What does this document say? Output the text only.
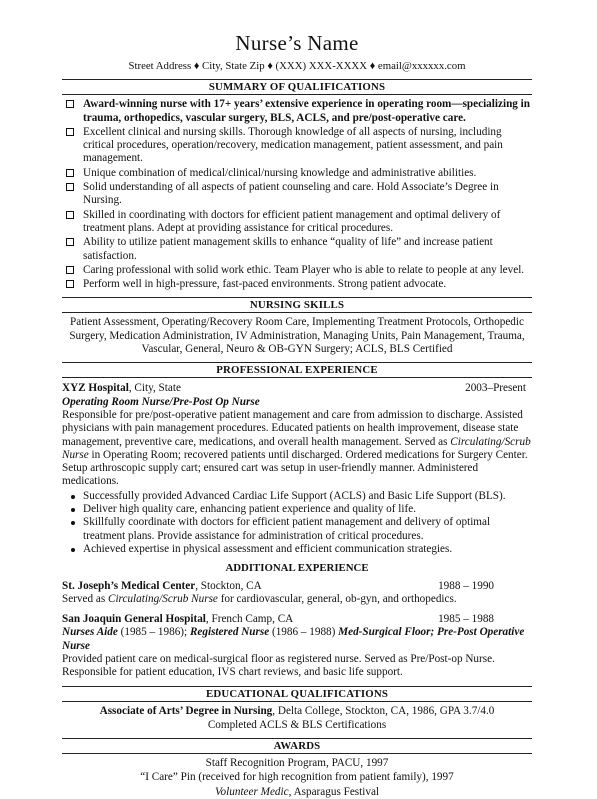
Nurse’s Name
Street Address ♦ City, State Zip ♦ (XXX) XXX-XXXX ♦ email@xxxxxx.com
SUMMARY OF QUALIFICATIONS
Award-winning nurse with 17+ years’ extensive experience in operating room—specializing in trauma, orthopedics, vascular surgery, BLS, ACLS, and pre/post-operative care.
Excellent clinical and nursing skills. Thorough knowledge of all aspects of nursing, including critical procedures, operation/recovery, medication management, patient assessment, and pain management.
Unique combination of medical/clinical/nursing knowledge and administrative abilities.
Solid understanding of all aspects of patient counseling and care. Hold Associate’s Degree in Nursing.
Skilled in coordinating with doctors for efficient patient management and optimal delivery of treatment plans. Adept at providing assistance for critical procedures.
Ability to utilize patient management skills to enhance “quality of life” and increase patient satisfaction.
Caring professional with solid work ethic. Team Player who is able to relate to people at any level.
Perform well in high-pressure, fast-paced environments. Strong patient advocate.
NURSING SKILLS
Patient Assessment, Operating/Recovery Room Care, Implementing Treatment Protocols, Orthopedic Surgery, Medication Administration, IV Administration, Managing Units, Pain Management, Trauma, Vascular, General, Neuro & OB-GYN Surgery; ACLS, BLS Certified
PROFESSIONAL EXPERIENCE
XYZ Hospital, City, State	2003–Present
Operating Room Nurse/Pre-Post Op Nurse
Responsible for pre/post-operative patient management and care from admission to discharge. Assisted physicians with pain management procedures. Educated patients on health improvement, disease state management, preventive care, medications, and overall health management. Served as Circulating/Scrub Nurse in Operating Room; recovered patients until discharged. Ordered medications for Surgery Center. Setup arthroscopic supply cart; ensured cart was setup in user-friendly manner. Administered medications.
Successfully provided Advanced Cardiac Life Support (ACLS) and Basic Life Support (BLS).
Deliver high quality care, enhancing patient experience and quality of life.
Skillfully coordinate with doctors for efficient patient management and delivery of optimal treatment plans. Provide assistance for administration of critical procedures.
Achieved expertise in physical assessment and efficient communication strategies.
ADDITIONAL EXPERIENCE
St. Joseph’s Medical Center, Stockton, CA	1988 – 1990
Served as Circulating/Scrub Nurse for cardiovascular, general, ob-gyn, and orthopedics.
San Joaquin General Hospital, French Camp, CA	1985 – 1988
Nurses Aide (1985 – 1986); Registered Nurse (1986 – 1988) Med-Surgical Floor; Pre-Post Operative Nurse
Provided patient care on medical-surgical floor as registered nurse. Served as Pre/Post-op Nurse. Responsible for patient education, IVS chart reviews, and basic life support.
EDUCATIONAL QUALIFICATIONS
Associate of Arts’ Degree in Nursing, Delta College, Stockton, CA, 1986, GPA 3.7/4.0
Completed ACLS & BLS Certifications
AWARDS
Staff Recognition Program, PACU, 1997
“I Care” Pin (received for high recognition from patient family), 1997
Volunteer Medic, Asparagus Festival
